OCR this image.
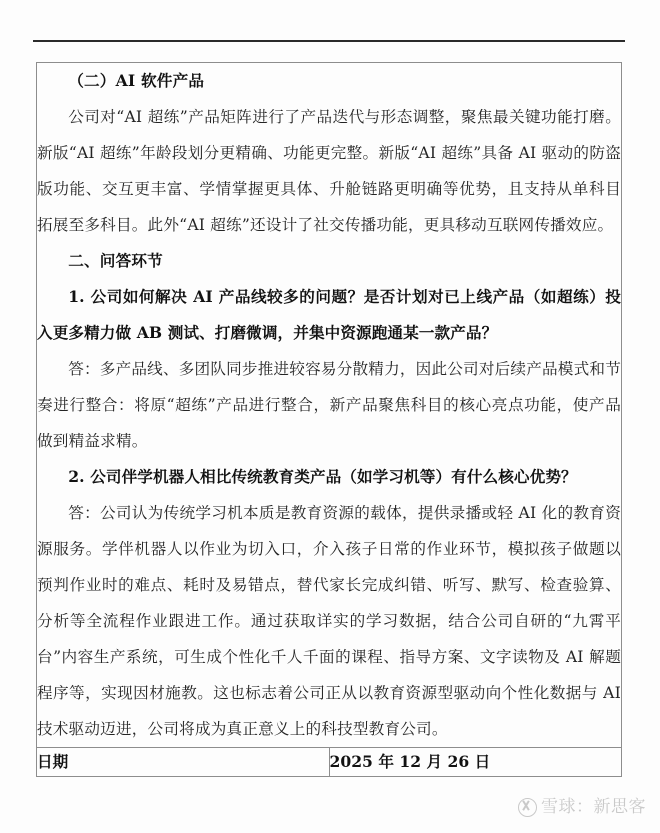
（二）AI 软件产品

公司对“AI 超练”产品矩阵进行了产品迭代与形态调整，聚焦最关键功能打磨。新版“AI 超练”年龄段划分更精确、功能更完整。新版“AI 超练”具备 AI 驱动的防盗版功能、交互更丰富、学情掌握更具体、升舱链路更明确等优势，且支持从单科目拓展至多科目。此外“AI 超练”还设计了社交传播功能，更具移动互联网传播效应。

二、问答环节

1. 公司如何解决 AI 产品线较多的问题？是否计划对已上线产品（如超练）投入更多精力做 AB 测试、打磨微调，并集中资源跑通某一款产品？

答：多产品线、多团队同步推进较容易分散精力，因此公司对后续产品模式和节奏进行整合：将原“超练”产品进行整合，新产品聚焦科目的核心亮点功能，使产品做到精益求精。

2. 公司伴学机器人相比传统教育类产品（如学习机等）有什么核心优势？

答：公司认为传统学习机本质是教育资源的载体，提供录播或轻 AI 化的教育资源服务。学伴机器人以作业为切入口，介入孩子日常的作业环节，模拟孩子做题以预判作业时的难点、耗时及易错点，替代家长完成纠错、听写、默写、检查验算、分析等全流程作业跟进工作。通过获取详实的学习数据，结合公司自研的“九霄平台”内容生产系统，可生成个性化千人千面的课程、指导方案、文字读物及 AI 解题程序等，实现因材施教。这也标志着公司正从以教育资源型驱动向个性化数据与 AI 技术驱动迈进，公司将成为真正意义上的科技型教育公司。

日期	2025 年 12 月 26 日
雪球：新思客
